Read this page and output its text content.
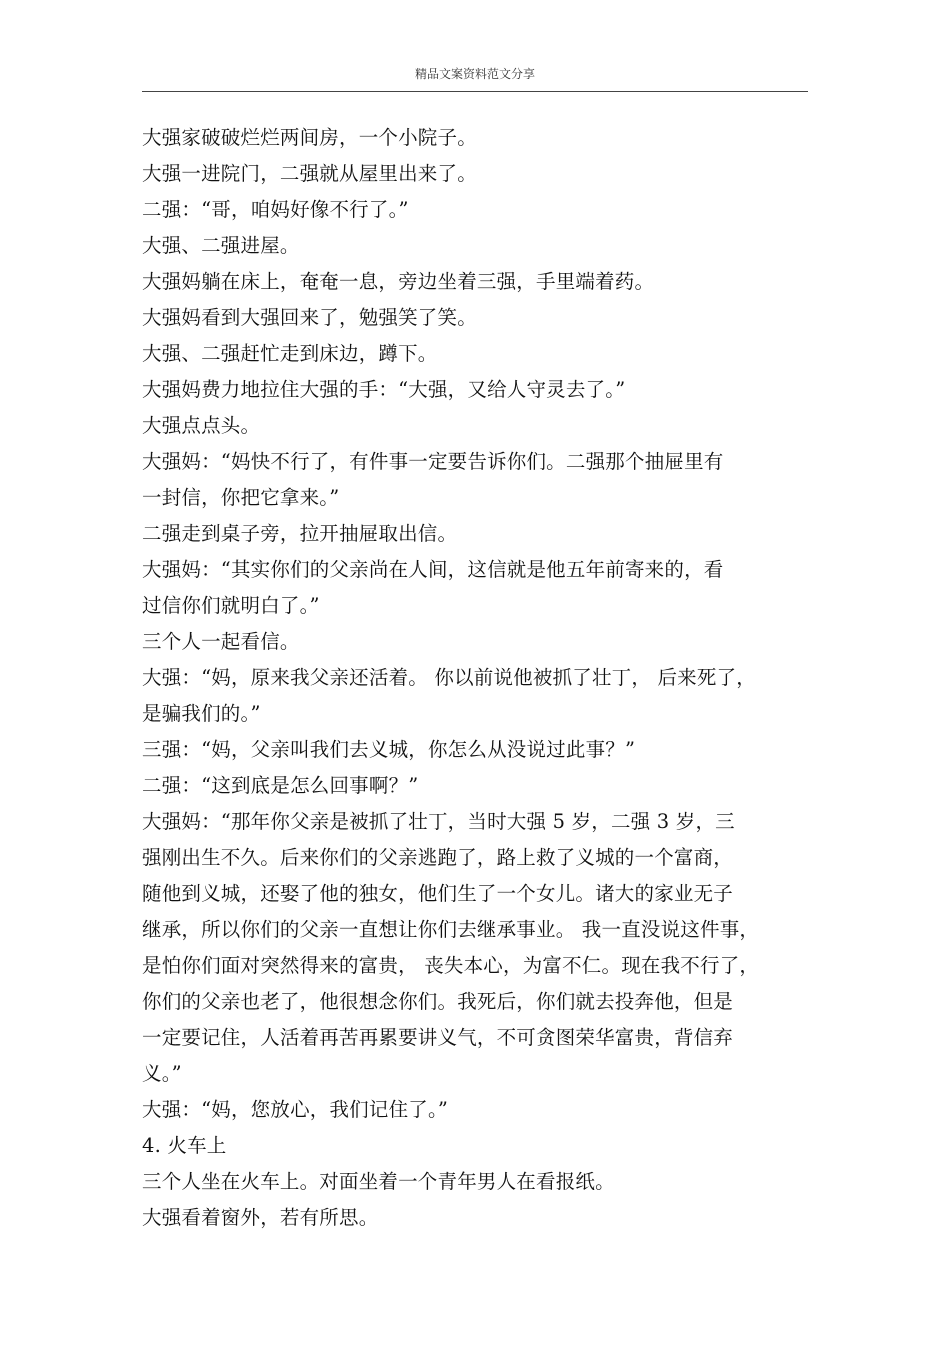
精品文案资料范文分享
大强家破破烂烂两间房，一个小院子。
大强一进院门，二强就从屋里出来了。
二强：“哥，咱妈好像不行了。”
大强、二强进屋。
大强妈躺在床上，奄奄一息，旁边坐着三强，手里端着药。
大强妈看到大强回来了，勉强笑了笑。
大强、二强赶忙走到床边，蹲下。
大强妈费力地拉住大强的手：“大强，又给人守灵去了。”
大强点点头。
大强妈：“妈快不行了，有件事一定要告诉你们。二强那个抽屉里有
一封信，你把它拿来。”
二强走到桌子旁，拉开抽屉取出信。
大强妈：“其实你们的父亲尚在人间，这信就是他五年前寄来的，看
过信你们就明白了。”
三个人一起看信。
大强：“妈，原来我父亲还活着。 你以前说他被抓了壮丁， 后来死了，
是骗我们的。”
三强：“妈，父亲叫我们去义城，你怎么从没说过此事？”
二强：“这到底是怎么回事啊？”
大强妈：“那年你父亲是被抓了壮丁，当时大强 5 岁，二强 3 岁，三
强刚出生不久。后来你们的父亲逃跑了，路上救了义城的一个富商，
随他到义城，还娶了他的独女，他们生了一个女儿。诸大的家业无子
继承，所以你们的父亲一直想让你们去继承事业。 我一直没说这件事，
是怕你们面对突然得来的富贵， 丧失本心，为富不仁。现在我不行了，
你们的父亲也老了，他很想念你们。我死后，你们就去投奔他，但是
一定要记住，人活着再苦再累要讲义气，不可贪图荣华富贵，背信弃
义。”
大强：“妈，您放心，我们记住了。”
4. 火车上
三个人坐在火车上。对面坐着一个青年男人在看报纸。
大强看着窗外，若有所思。
